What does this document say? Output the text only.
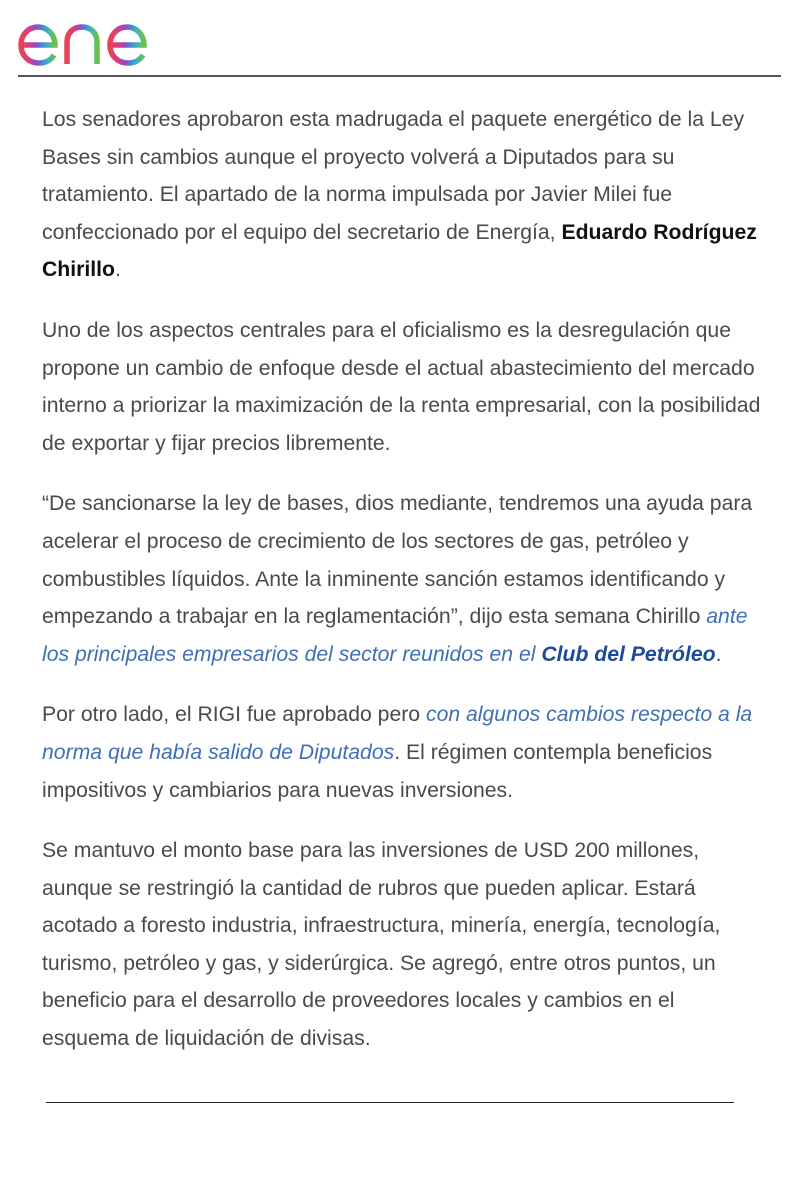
Los senadores aprobaron esta madrugada el paquete energético de la Ley Bases sin cambios aunque el proyecto volverá a Diputados para su tratamiento. El apartado de la norma impulsada por Javier Milei fue confeccionado por el equipo del secretario de Energía, Eduardo Rodríguez Chirillo.

Uno de los aspectos centrales para el oficialismo es la desregulación que propone un cambio de enfoque desde el actual abastecimiento del mercado interno a priorizar la maximización de la renta empresarial, con la posibilidad de exportar y fijar precios libremente.

“De sancionarse la ley de bases, dios mediante, tendremos una ayuda para acelerar el proceso de crecimiento de los sectores de gas, petróleo y combustibles líquidos. Ante la inminente sanción estamos identificando y empezando a trabajar en la reglamentación”, dijo esta semana Chirillo ante los principales empresarios del sector reunidos en el Club del Petróleo.

Por otro lado, el RIGI fue aprobado pero con algunos cambios respecto a la norma que había salido de Diputados. El régimen contempla beneficios impositivos y cambiarios para nuevas inversiones.

Se mantuvo el monto base para las inversiones de USD 200 millones, aunque se restringió la cantidad de rubros que pueden aplicar. Estará acotado a foresto industria, infraestructura, minería, energía, tecnología, turismo, petróleo y gas, y siderúrgica. Se agregó, entre otros puntos, un beneficio para el desarrollo de proveedores locales y cambios en el esquema de liquidación de divisas.
